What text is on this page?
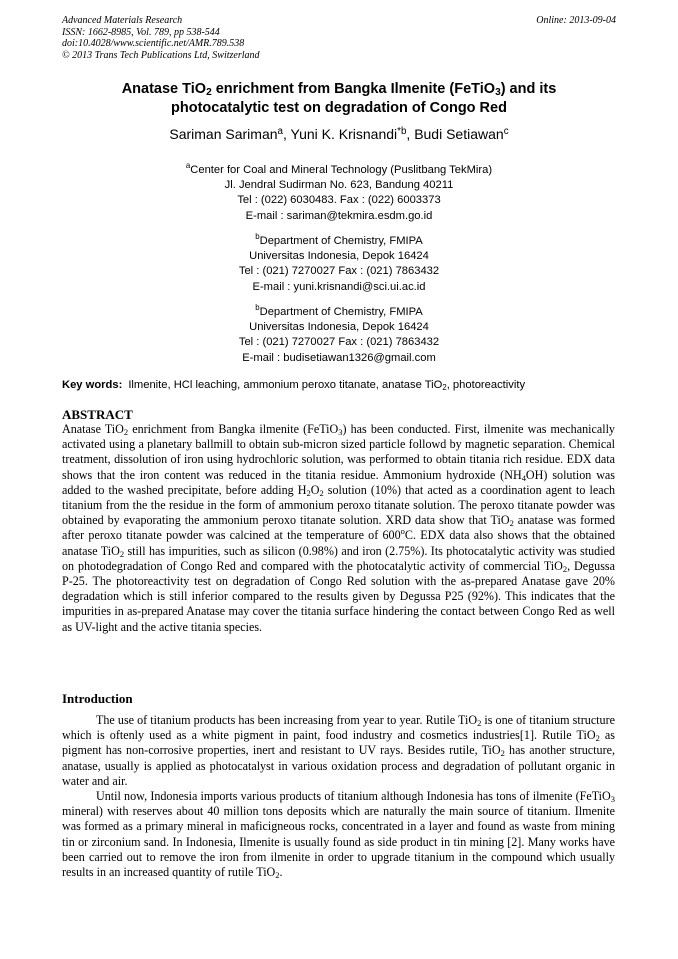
Advanced Materials Research
ISSN: 1662-8985, Vol. 789, pp 538-544
doi:10.4028/www.scientific.net/AMR.789.538
© 2013 Trans Tech Publications Ltd, Switzerland
Online: 2013-09-04
Anatase TiO$_2$ enrichment from Bangka Ilmenite (FeTiO$_3$) and its
photocatalytic test on degradation of Congo Red
Sariman Sariman$^a$, Yuni K. Krisnandi$^{*b}$, Budi Setiawan$^c$
$^a$Center for Coal and Mineral Technology (Puslitbang TekMira)
Jl. Jendral Sudirman No. 623, Bandung 40211
Tel : (022) 6030483. Fax : (022) 6003373
E-mail : sariman@tekmira.esdm.go.id
$^b$Department of Chemistry, FMIPA
Universitas Indonesia, Depok 16424
Tel : (021) 7270027 Fax : (021) 7863432
E-mail : yuni.krisnandi@sci.ui.ac.id
$^b$Department of Chemistry, FMIPA
Universitas Indonesia, Depok 16424
Tel : (021) 7270027 Fax : (021) 7863432
E-mail : budisetiawan1326@gmail.com
Key words: Ilmenite, HCl leaching, ammonium peroxo titanate, anatase TiO$_2$, photoreactivity
ABSTRACT

Anatase TiO$_2$ enrichment from Bangka ilmenite (FeTiO$_3$) has been conducted. First, ilmenite was mechanically activated using a planetary ballmill to obtain sub-micron sized particle followd by magnetic separation. Chemical treatment, dissolution of iron using hydrochloric solution, was performed to obtain titania rich residue. EDX data shows that the iron content was reduced in the titania residue. Ammonium hydroxide $(NH_4OH)$ solution was added to the washed precipitate, before adding $H_2O_2$ solution (10%) that acted as a coordination agent to leach titanium from the the residue in the form of ammonium peroxo titanate solution. The peroxo titanate powder was obtained by evaporating the ammonium peroxo titanate solution. XRD data show that TiO$_2$ anatase was formed after peroxo titanate powder was calcined at the temperature of 600$^o$C. EDX data also shows that the obtained anatase TiO$_2$ still has impurities, such as silicon (0.98%) and iron (2.75%). Its photocatalytic activity was studied on photodegradation of Congo Red and compared with the photocatalytic activity of commercial TiO$_2$, Degussa P-25. The photoreactivity test on degradation of Congo Red solution with the as-prepared Anatase gave 20% degradation which is still inferior compared to the results given by Degussa P25 (92%). This indicates that the impurities in as-prepared Anatase may cover the titania surface hindering the contact between Congo Red as well as UV-light and the active titania species.

Introduction

The use of titanium products has been increasing from year to year. Rutile TiO$_2$ is one of titanium structure which is oftenly used as a white pigment in paint, food industry and cosmetics industries[1]. Rutile TiO$_2$ as pigment has non-corrosive properties, inert and resistant to UV rays. Besides rutile, TiO$_2$ has another structure, anatase, usually is applied as photocatalyst in various oxidation process and degradation of pollutant organic in water and air.

Until now, Indonesia imports various products of titanium although Indonesia has tons of ilmenite (FeTiO$_3$ mineral) with reserves about 40 million tons deposits which are naturally the main source of titanium. Ilmenite was formed as a primary mineral in maficigneous rocks, concentrated in a layer and found as waste from mining tin or zirconium sand. In Indonesia, Ilmenite is usually found as side product in tin mining [2]. Many works have been carried out to remove the iron from ilmenite in order to upgrade titanium in the compound which usually results in an increased quantity of rutile TiO$_2$.
